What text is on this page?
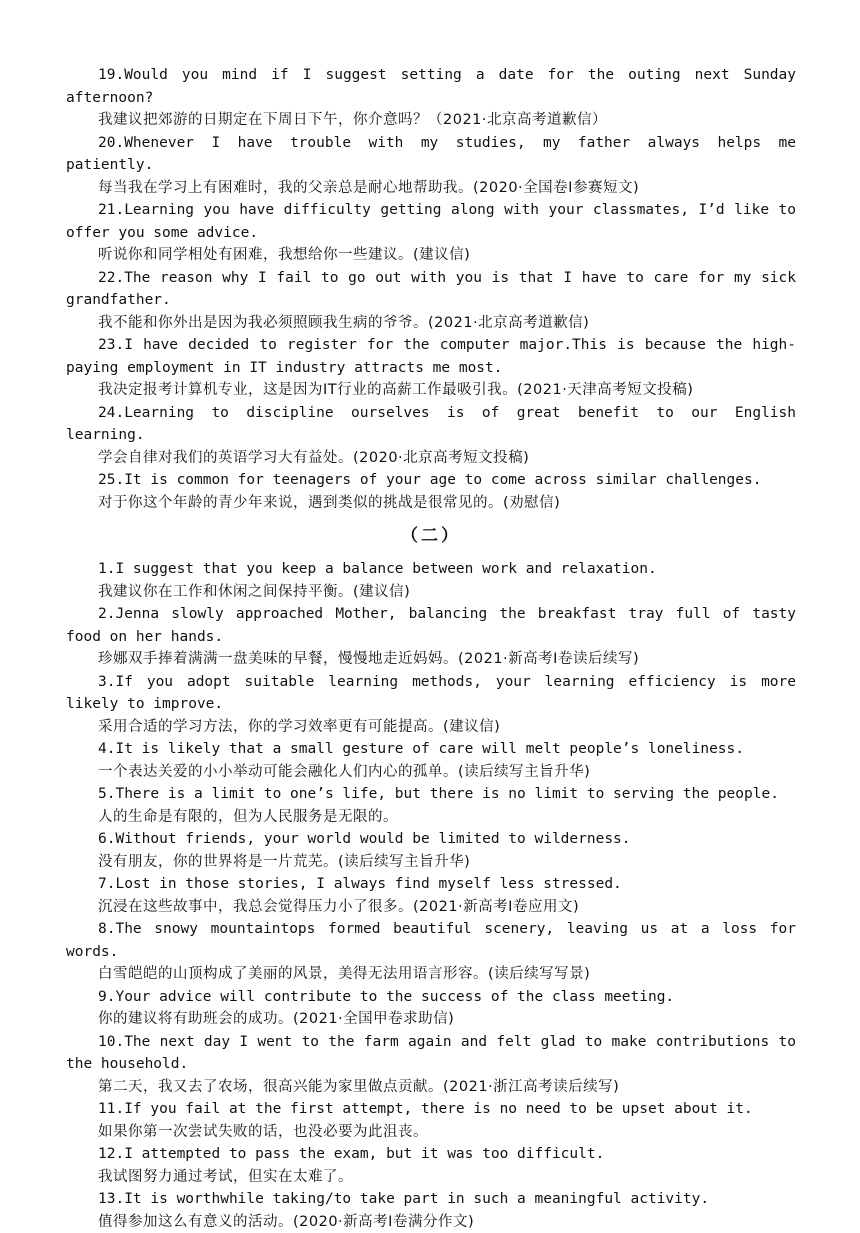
19.Would you mind if I suggest setting a date for the outing next Sunday afternoon?

我建议把郊游的日期定在下周日下午，你介意吗？（2021·北京高考道歉信）

20.Whenever I have trouble with my studies, my father always helps me patiently.

每当我在学习上有困难时，我的父亲总是耐心地帮助我。(2020·全国卷Ⅰ参赛短文)

21.Learning you have difficulty getting along with your classmates, I’d like to offer you some advice.

听说你和同学相处有困难，我想给你一些建议。(建议信)

22.The reason why I fail to go out with you is that I have to care for my sick grandfather.

我不能和你外出是因为我必须照顾我生病的爷爷。(2021·北京高考道歉信)

23.I have decided to register for the computer major.This is because the high-paying employment in IT industry attracts me most.

我决定报考计算机专业，这是因为IT行业的高薪工作最吸引我。(2021·天津高考短文投稿)

24.Learning to discipline ourselves is of great benefit to our English learning.

学会自律对我们的英语学习大有益处。(2020·北京高考短文投稿)

25.It is common for teenagers of your age to come across similar challenges.

对于你这个年龄的青少年来说，遇到类似的挑战是很常见的。(劝慰信)

（二）

1.I suggest that you keep a balance between work and relaxation.

我建议你在工作和休闲之间保持平衡。(建议信)

2.Jenna slowly approached Mother, balancing the breakfast tray full of tasty food on her hands.

珍娜双手捧着满满一盘美味的早餐，慢慢地走近妈妈。(2021·新高考Ⅰ卷读后续写)

3.If you adopt suitable learning methods, your learning efficiency is more likely to improve.

采用合适的学习方法，你的学习效率更有可能提高。(建议信)

4.It is likely that a small gesture of care will melt people’s loneliness.

一个表达关爱的小小举动可能会融化人们内心的孤单。(读后续写主旨升华)

5.There is a limit to one’s life, but there is no limit to serving the people.

人的生命是有限的，但为人民服务是无限的。

6.Without friends, your world would be limited to wilderness.

没有朋友，你的世界将是一片荒芜。(读后续写主旨升华)

7.Lost in those stories, I always find myself less stressed.

沉浸在这些故事中，我总会觉得压力小了很多。(2021·新高考Ⅰ卷应用文)

8.The snowy mountaintops formed beautiful scenery, leaving us at a loss for words.

白雪皑皑的山顶构成了美丽的风景，美得无法用语言形容。(读后续写写景)

9.Your advice will contribute to the success of the class meeting.

你的建议将有助班会的成功。(2021·全国甲卷求助信)

10.The next day I went to the farm again and felt glad to make contributions to the household.

第二天，我又去了农场，很高兴能为家里做点贡献。(2021·浙江高考读后续写)

11.If you fail at the first attempt, there is no need to be upset about it.

如果你第一次尝试失败的话，也没必要为此沮丧。

12.I attempted to pass the exam, but it was too difficult.

我试图努力通过考试，但实在太难了。

13.It is worthwhile taking/to take part in such a meaningful activity.

值得参加这么有意义的活动。(2020·新高考Ⅰ卷满分作文)
